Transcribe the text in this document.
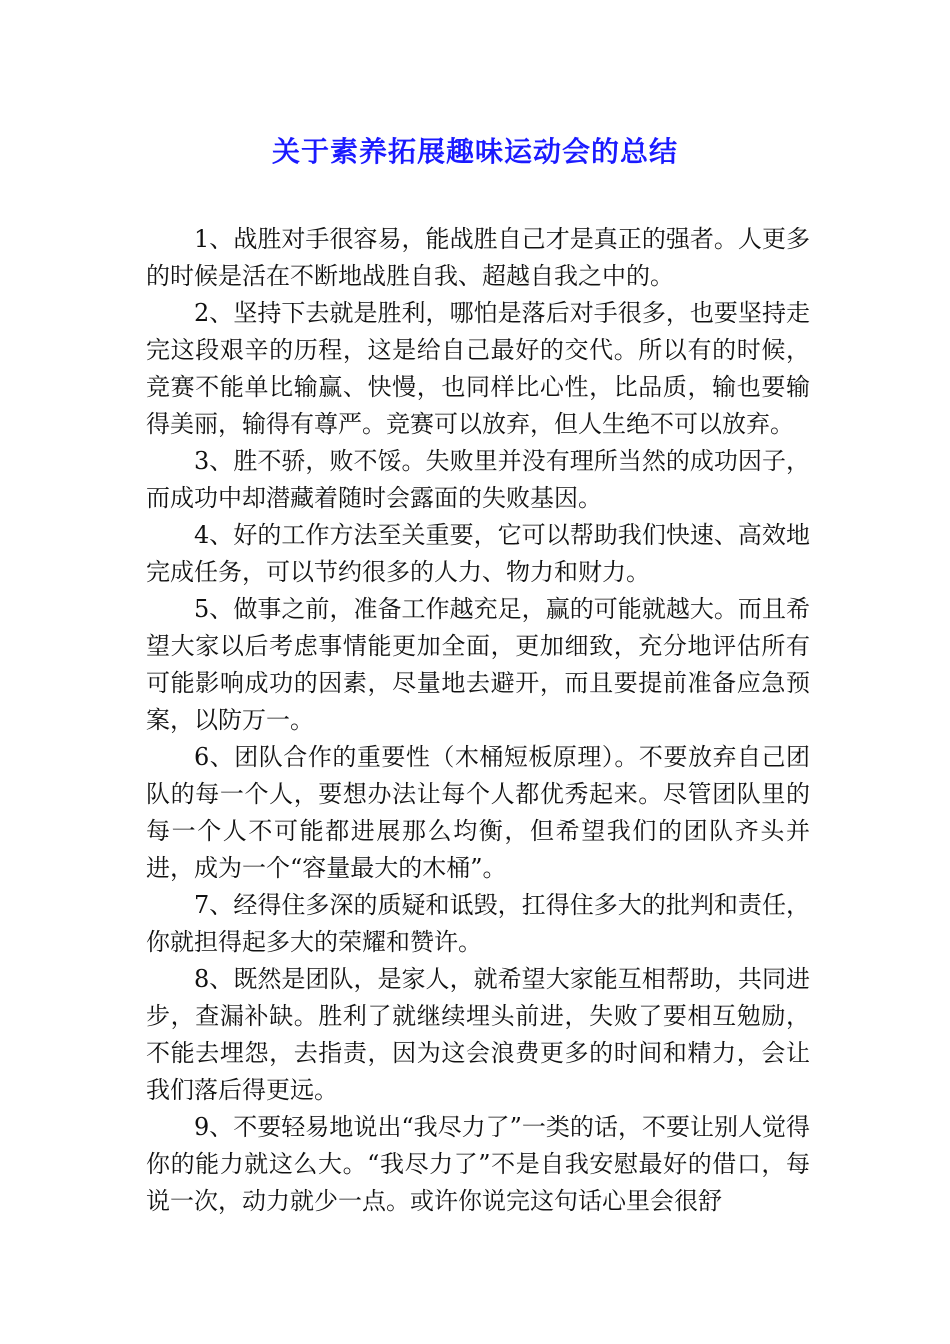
关于素养拓展趣味运动会的总结

1、战胜对手很容易，能战胜自己才是真正的强者。人更多的时候是活在不断地战胜自我、超越自我之中的。

2、坚持下去就是胜利，哪怕是落后对手很多，也要坚持走完这段艰辛的历程，这是给自己最好的交代。所以有的时候，竞赛不能单比输赢、快慢，也同样比心性，比品质，输也要输得美丽，输得有尊严。竞赛可以放弃，但人生绝不可以放弃。

3、胜不骄，败不馁。失败里并没有理所当然的成功因子，而成功中却潜藏着随时会露面的失败基因。

4、好的工作方法至关重要，它可以帮助我们快速、高效地完成任务，可以节约很多的人力、物力和财力。

5、做事之前，准备工作越充足，赢的可能就越大。而且希望大家以后考虑事情能更加全面，更加细致，充分地评估所有可能影响成功的因素，尽量地去避开，而且要提前准备应急预案，以防万一。

6、团队合作的重要性（木桶短板原理）。不要放弃自己团队的每一个人，要想办法让每个人都优秀起来。尽管团队里的每一个人不可能都进展那么均衡，但希望我们的团队齐头并进，成为一个“容量最大的木桶”。

7、经得住多深的质疑和诋毁，扛得住多大的批判和责任，你就担得起多大的荣耀和赞许。

8、既然是团队，是家人，就希望大家能互相帮助，共同进步，查漏补缺。胜利了就继续埋头前进，失败了要相互勉励，不能去埋怨，去指责，因为这会浪费更多的时间和精力，会让我们落后得更远。

9、不要轻易地说出“我尽力了”一类的话，不要让别人觉得你的能力就这么大。“我尽力了”不是自我安慰最好的借口，每说一次，动力就少一点。或许你说完这句话心里会很舒
